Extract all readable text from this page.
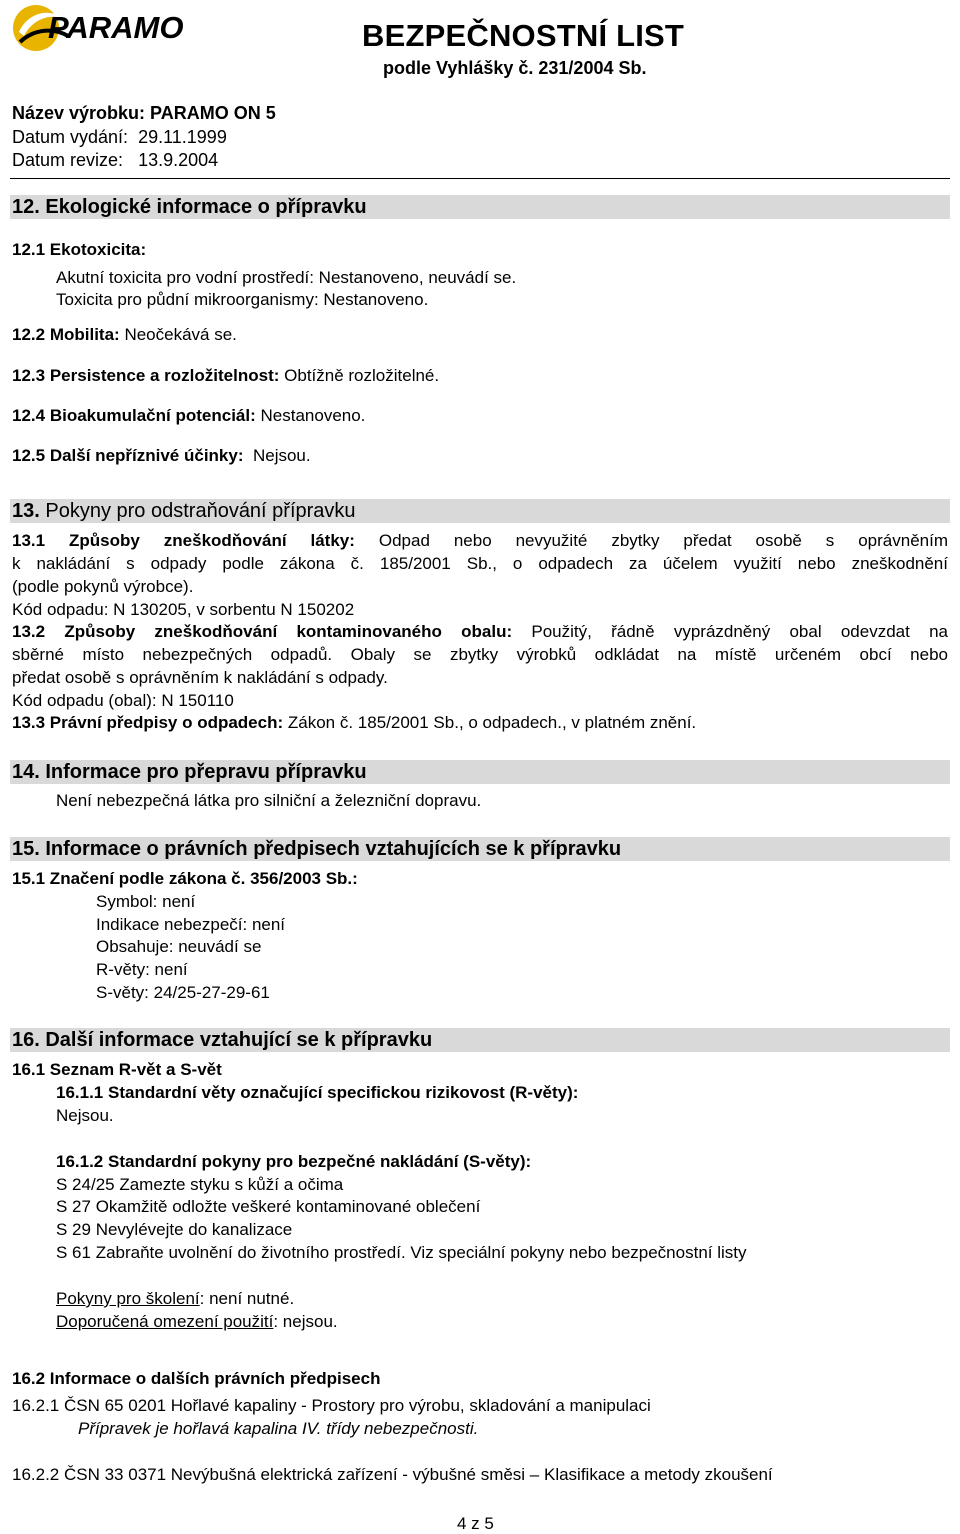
PARAMO	BEZPEČNOSTNÍ LIST
podle Vyhlášky č. 231/2004 Sb.
Název výrobku: PARAMO ON 5
Datum vydání: 29.11.1999
Datum revize: 13.9.2004
12. Ekologické informace o přípravku
12.1 Ekotoxicita:
Akutní toxicita pro vodní prostředí: Nestanoveno, neuvádí se.
Toxicita pro půdní mikroorganismy: Nestanoveno.
12.2 Mobilita: Neočekává se.
12.3 Persistence a rozložitelnost: Obtížně rozložitelné.
12.4 Bioakumulační potenciál: Nestanoveno.
12.5 Další nepříznivé účinky: Nejsou.
13. Pokyny pro odstraňování přípravku
13.1 Způsoby zneškodňování látky: Odpad nebo nevyužité zbytky předat osobě s oprávněním
k nakládání s odpady podle zákona č. 185/2001 Sb., o odpadech za účelem využití nebo zneškodnění
(podle pokynů výrobce).
Kód odpadu: N 130205, v sorbentu N 150202
13.2 Způsoby zneškodňování kontaminovaného obalu: Použitý, řádně vyprázdněný obal odevzdat na
sběrné místo nebezpečných odpadů. Obaly se zbytky výrobků odkládat na místě určeném obcí nebo
předat osobě s oprávněním k nakládání s odpady.
Kód odpadu (obal): N 150110
13.3 Právní předpisy o odpadech: Zákon č. 185/2001 Sb., o odpadech., v platném znění.
14. Informace pro přepravu přípravku
Není nebezpečná látka pro silniční a železniční dopravu.
15. Informace o právních předpisech vztahujících se k přípravku
15.1 Značení podle zákona č. 356/2003 Sb.:
Symbol: není
Indikace nebezpečí: není
Obsahuje: neuvádí se
R-věty: není
S-věty: 24/25-27-29-61
16. Další informace vztahující se k přípravku
16.1 Seznam R-vět a S-vět
16.1.1 Standardní věty označující specifickou rizikovost (R-věty):
Nejsou.
16.1.2 Standardní pokyny pro bezpečné nakládání (S-věty):
S 24/25 Zamezte styku s kůží a očima
S 27 Okamžitě odložte veškeré kontaminované oblečení
S 29 Nevylévejte do kanalizace
S 61 Zabraňte uvolnění do životního prostředí. Viz speciální pokyny nebo bezpečnostní listy
Pokyny pro školení: není nutné.
Doporučená omezení použití: nejsou.
16.2 Informace o dalších právních předpisech
16.2.1 ČSN 65 0201 Hořlavé kapaliny - Prostory pro výrobu, skladování a manipulaci
Přípravek je hořlavá kapalina IV. třídy nebezpečnosti.
16.2.2 ČSN 33 0371 Nevýbušná elektrická zařízení - výbušné směsi – Klasifikace a metody zkoušení
4 z 5
